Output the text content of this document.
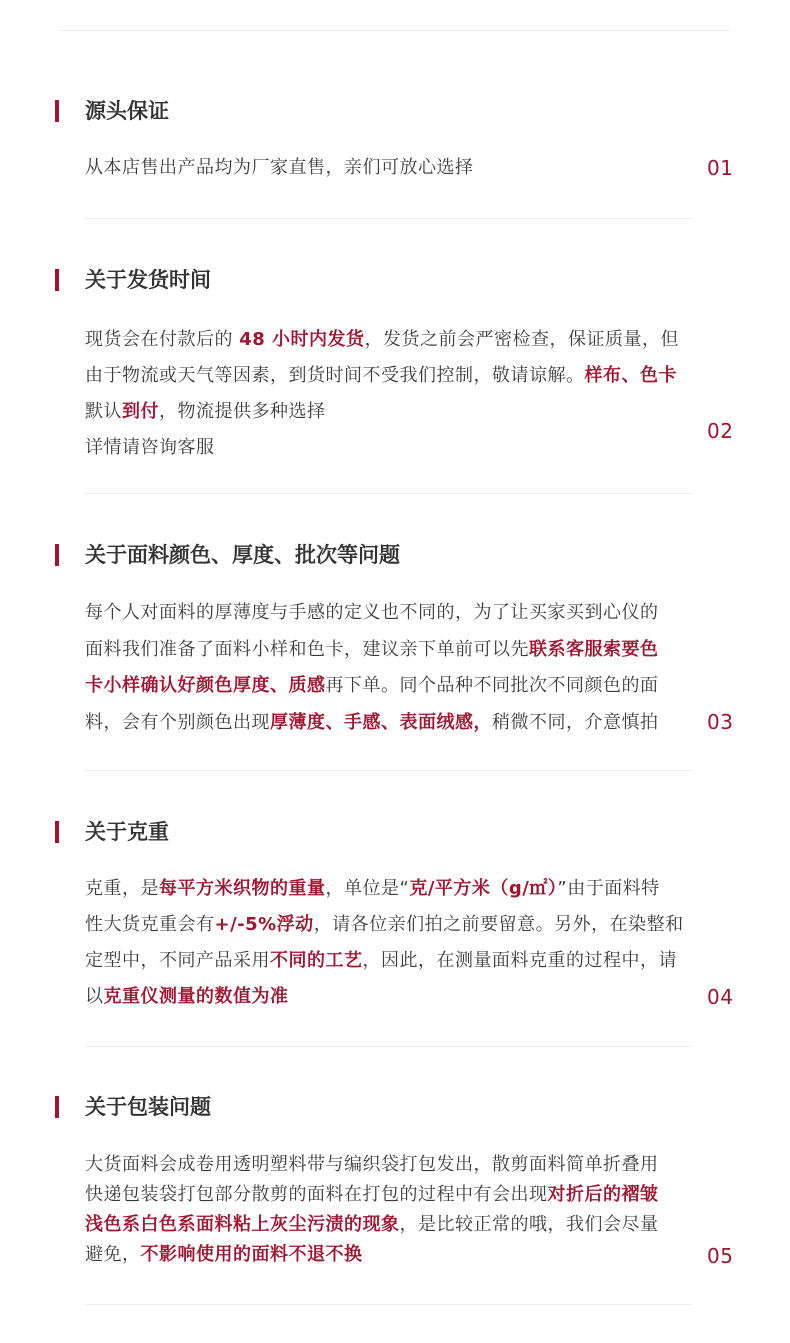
源头保证

从本店售出产品均为厂家直售，亲们可放心选择	01
关于发货时间

现货会在付款后的 48 小时内发货，发货之前会严密检查，保证质量，但

由于物流或天气等因素，到货时间不受我们控制，敬请谅解。样布、色卡

默认到付，物流提供多种选择

详情请咨询客服

02
关于面料颜色、厚度、批次等问题

每个人对面料的厚薄度与手感的定义也不同的，为了让买家买到心仪的

面料我们准备了面料小样和色卡，建议亲下单前可以先联系客服索要色

卡小样确认好颜色厚度、质感再下单。同个品种不同批次不同颜色的面

料，会有个别颜色出现厚薄度、手感、表面绒感，稍微不同，介意慎拍	03
关于克重

克重，是每平方米织物的重量，单位是“克/平方米（g/㎡）”由于面料特

性大货克重会有+/-5%浮动，请各位亲们拍之前要留意。另外，在染整和

定型中，不同产品采用不同的工艺，因此，在测量面料克重的过程中，请

以克重仪测量的数值为准	04
关于包装问题

大货面料会成卷用透明塑料带与编织袋打包发出，散剪面料简单折叠用

快递包装袋打包部分散剪的面料在打包的过程中有会出现对折后的褶皱

浅色系白色系面料粘上灰尘污渍的现象，是比较正常的哦，我们会尽量

避免，不影响使用的面料不退不换	05
